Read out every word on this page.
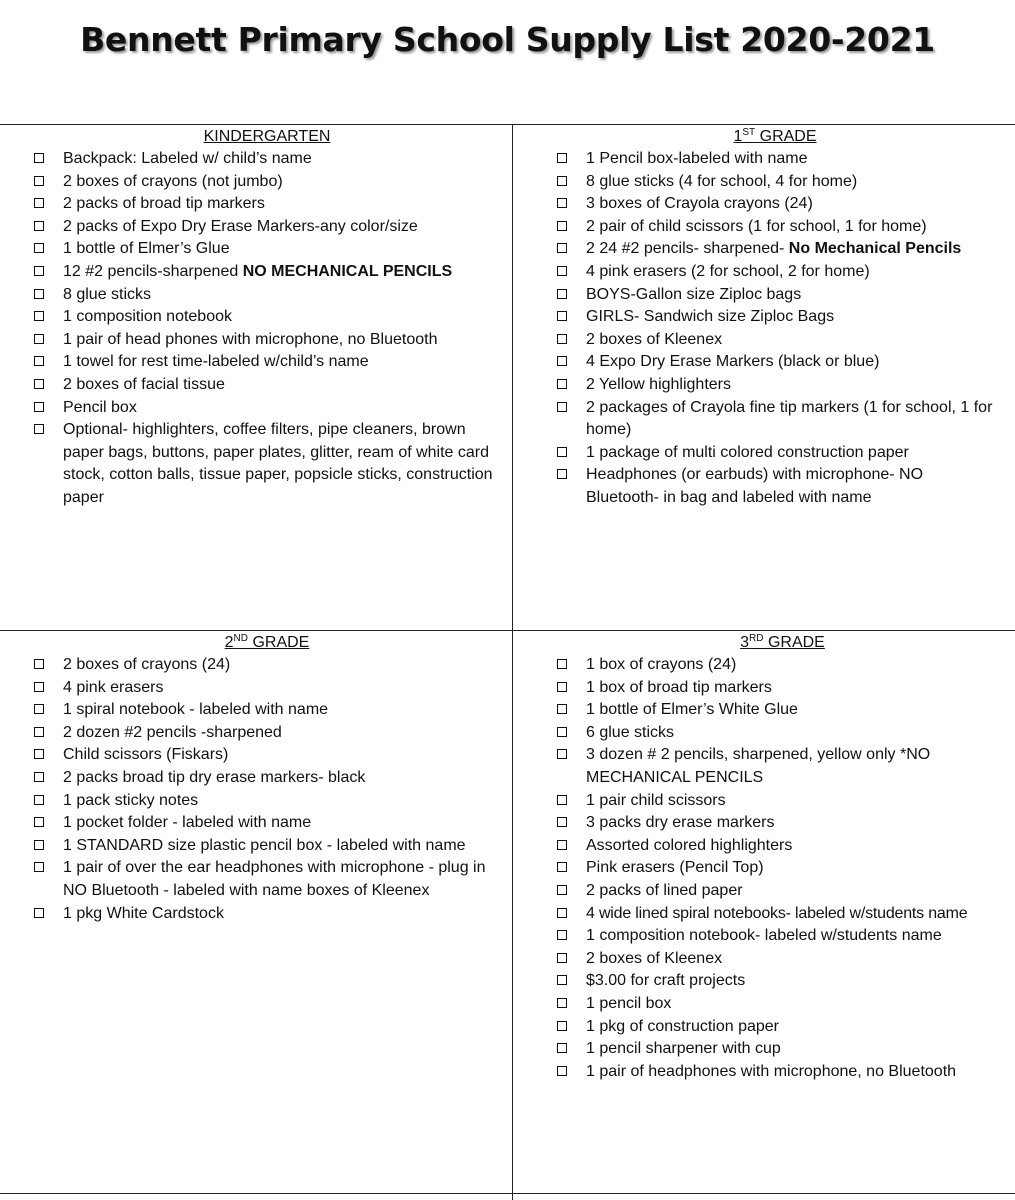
Bennett Primary School Supply List 2020-2021
KINDERGARTEN
Backpack: Labeled w/ child’s name
2 boxes of crayons (not jumbo)
2 packs of broad tip markers
2 packs of Expo Dry Erase Markers-any color/size
1 bottle of Elmer’s Glue
12 #2 pencils-sharpened NO MECHANICAL PENCILS
8 glue sticks
1 composition notebook
1 pair of head phones with microphone, no Bluetooth
1 towel for rest time-labeled w/child’s name
2 boxes of facial tissue
Pencil box
Optional- highlighters, coffee filters, pipe cleaners, brown paper bags, buttons, paper plates, glitter, ream of white card stock, cotton balls, tissue paper, popsicle sticks, construction paper
1ST GRADE
1 Pencil box-labeled with name
8 glue sticks (4 for school, 4 for home)
3 boxes of Crayola crayons (24)
2 pair of child scissors (1 for school, 1 for home)
2 24 #2 pencils- sharpened- No Mechanical Pencils
4 pink erasers (2 for school, 2 for home)
BOYS-Gallon size Ziploc bags
GIRLS- Sandwich size Ziploc Bags
2 boxes of Kleenex
4 Expo Dry Erase Markers (black or blue)
2 Yellow highlighters
2 packages of Crayola fine tip markers (1 for school, 1 for home)
1 package of multi colored construction paper
Headphones (or earbuds) with microphone- NO Bluetooth- in bag and labeled with name
2ND GRADE
2 boxes of crayons (24)
4 pink erasers
1 spiral notebook - labeled with name
2 dozen #2 pencils -sharpened
Child scissors (Fiskars)
2 packs broad tip dry erase markers- black
1 pack sticky notes
1 pocket folder - labeled with name
1 STANDARD size plastic pencil box - labeled with name
1 pair of over the ear headphones with microphone - plug in NO Bluetooth - labeled with name boxes of Kleenex
1 pkg White Cardstock
3RD GRADE
1 box of crayons (24)
1 box of broad tip markers
1 bottle of Elmer’s White Glue
6 glue sticks
3 dozen # 2 pencils, sharpened, yellow only *NO MECHANICAL PENCILS
1 pair child scissors
3 packs dry erase markers
Assorted colored highlighters
Pink erasers (Pencil Top)
2 packs of lined paper
4 wide lined spiral notebooks- labeled w/students name
1 composition notebook- labeled w/students name
2 boxes of Kleenex
$3.00 for craft projects
1 pencil box
1 pkg of construction paper
1 pencil sharpener with cup
1 pair of headphones with microphone, no Bluetooth
